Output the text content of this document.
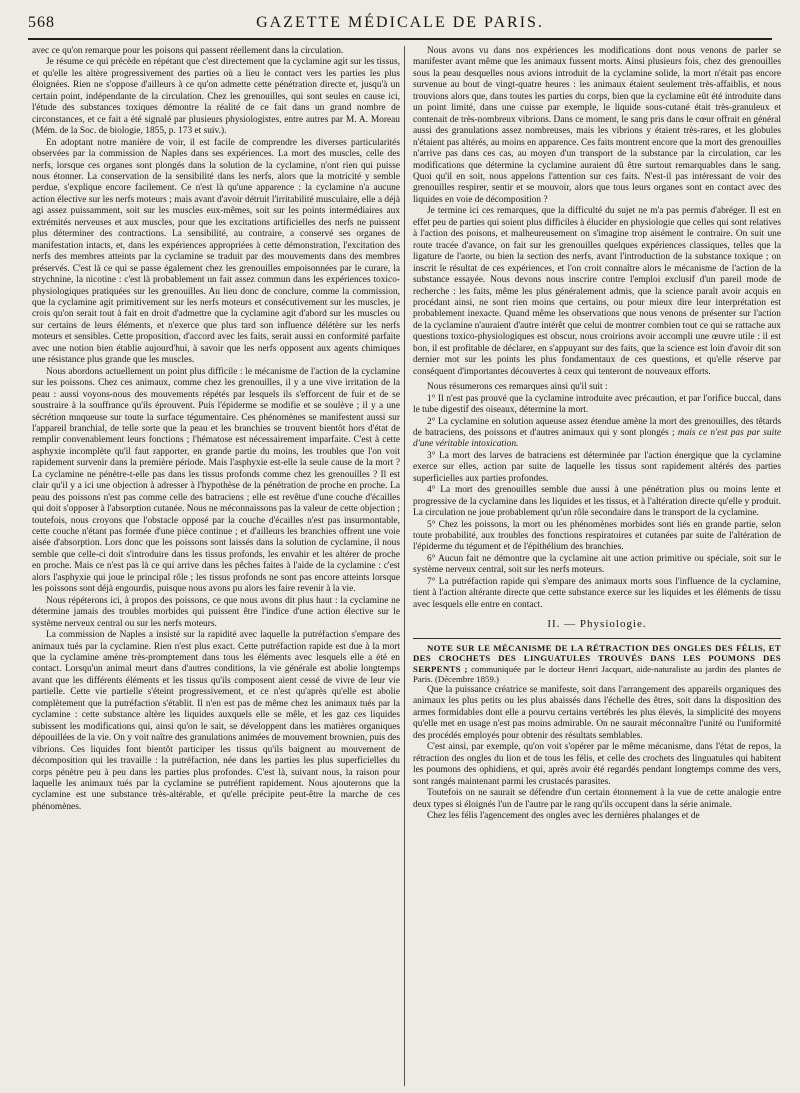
568	GAZETTE MÉDICALE DE PARIS.

avec ce qu'on remarque pour les poisons qui passent réellement dans la circulation.

Je résume ce qui précède en répétant que c'est directement que la cyclamine agit sur les tissus, et qu'elle les altère progressivement des parties où a lieu le contact vers les parties les plus éloignées. Rien ne s'oppose d'ailleurs à ce qu'on admette cette pénétration directe et, jusqu'à un certain point, indépendante de la circulation. Chez les grenouilles, qui sont seules en cause ici, l'étude des substances toxiques démontre la réalité de ce fait dans un grand nombre de circonstances, et ce fait a été signalé par plusieurs physiologistes, entre autres par M. A. Moreau (Mém. de la Soc. de biologie, 1855, p. 173 et suiv.).

En adoptant notre manière de voir, il est facile de comprendre les diverses particularités observées par la commission de Naples dans ses expériences. La mort des muscles, celle des nerfs, lorsque ces organes sont plongés dans la solution de la cyclamine, n'ont rien qui puisse nous étonner. La conservation de la sensibilité dans les nerfs, alors que la motricité y semble perdue, s'explique encore facilement. Ce n'est là qu'une apparence : la cyclamine n'a aucune action élective sur les nerfs moteurs ; mais avant d'avoir détruit l'irritabilité musculaire, elle a déjà agi assez puissamment, soit sur les muscles eux-mêmes, soit sur les points intermédiaires aux extrémités nerveuses et aux muscles, pour que les excitations artificielles des nerfs ne puissent plus déterminer des contractions. La sensibilité, au contraire, a conservé ses organes de manifestation intacts, et, dans les expériences appropriées à cette démonstration, l'excitation des nerfs des membres atteints par la cyclamine se traduit par des mouvements dans des membres préservés. C'est là ce qui se passe également chez les grenouilles empoisonnées par le curare, la strychnine, la nicotine : c'est là probablement un fait assez commun dans les expériences toxico-physiologiques pratiquées sur les grenouilles. Au lieu donc de conclure, comme la commission, que la cyclamine agit primitivement sur les nerfs moteurs et consécutivement sur les muscles, je crois qu'on serait tout à fait en droit d'admettre que la cyclamine agit d'abord sur les muscles ou sur certains de leurs éléments, et n'exerce que plus tard son influence délétère sur les nerfs moteurs et sensibles. Cette proposition, d'accord avec les faits, serait aussi en conformité parfaite avec une notion bien établie aujourd'hui, à savoir que les nerfs opposent aux agents chimiques une résistance plus grande que les muscles.

Nous abordons actuellement un point plus difficile : le mécanisme de l'action de la cyclamine sur les poissons. Chez ces animaux, comme chez les grenouilles, il y a une vive irritation de la peau : aussi voyons-nous des mouvements répétés par lesquels ils s'efforcent de fuir et de se soustraire à la souffrance qu'ils éprouvent. Puis l'épiderme se modifie et se soulève ; il y a une sécrétion muqueuse sur toute la surface tégumentaire. Ces phénomènes se manifestent aussi sur l'appareil branchial, de telle sorte que la peau et les branchies se trouvent bientôt hors d'état de remplir convenablement leurs fonctions ; l'hématose est nécessairement imparfaite. C'est à cette asphyxie incomplète qu'il faut rapporter, en grande partie du moins, les troubles que l'on voit rapidement survenir dans la première période. Mais l'asphyxie est-elle la seule cause de la mort ? La cyclamine ne pénètre-t-elle pas dans les tissus profonds comme chez les grenouilles ? Il est clair qu'il y a ici une objection à adresser à l'hypothèse de la pénétration de proche en proche. La peau des poissons n'est pas comme celle des batraciens ; elle est revêtue d'une couche d'écailles qui doit s'opposer à l'absorption cutanée. Nous ne méconnaissons pas la valeur de cette objection ; toutefois, nous croyons que l'obstacle opposé par la couche d'écailles n'est pas insurmontable, cette couche n'étant pas formée d'une pièce continue ; et d'ailleurs les branchies offrent une voie aisée d'absorption. Lors donc que les poissons sont laissés dans la solution de cyclamine, il nous semble que celle-ci doit s'introduire dans les tissus profonds, les envahir et les altérer de proche en proche. Mais ce n'est pas là ce qui arrive dans les pêches faites à l'aide de la cyclamine : c'est alors l'asphyxie qui joue le principal rôle ; les tissus profonds ne sont pas encore atteints lorsque les poissons sont déjà engourdis, puisque nous avons pu alors les faire revenir à la vie.

Nous répéterons ici, à propos des poissons, ce que nous avons dit plus haut : la cyclamine ne détermine jamais des troubles morbides qui puissent être l'indice d'une action élective sur le système nerveux central ou sur les nerfs moteurs.

La commission de Naples a insisté sur la rapidité avec laquelle la putréfaction s'empare des animaux tués par la cyclamine. Rien n'est plus exact. Cette putréfaction rapide est due à la mort que la cyclamine amène très-promptement dans tous les éléments avec lesquels elle a été en contact. Lorsqu'un animal meurt dans d'autres conditions, la vie générale est abolie longtemps avant que les différents éléments et les tissus qu'ils composent aient cessé de vivre de leur vie partielle. Cette vie partielle s'éteint progressivement, et ce n'est qu'après qu'elle est abolie complètement que la putréfaction s'établit. Il n'en est pas de même chez les animaux tués par la cyclamine : cette substance altère les liquides auxquels elle se mêle, et les gaz ces liquides subissent les modifications qui, ainsi qu'on le sait, se développent dans les matières organiques dépouillées de la vie. On y voit naître des granulations animées de mouvement brownien, puis des vibrions. Ces liquides font bientôt participer les tissus qu'ils baignent au mouvement de décomposition qui les travaille : la putréfaction, née dans les parties les plus superficielles du corps pénètre peu à peu dans les parties plus profondes. C'est là, suivant nous, la raison pour laquelle les animaux tués par la cyclamine se putréfient rapidement. Nous ajouterons que la cyclamine est une substance très-altérable, et qu'elle précipite peut-être la marche de ces phénomènes.

Nous avons vu dans nos expériences les modifications dont nous venons de parler se manifester avant même que les animaux fussent morts. Ainsi plusieurs fois, chez des grenouilles sous la peau desquelles nous avions introduit de la cyclamine solide, la mort n'était pas encore survenue au bout de vingt-quatre heures : les animaux étaient seulement très-affaiblis, et nous trouvions alors que, dans toutes les parties du corps, bien que la cyclamine eût été introduite dans un point limité, dans une cuisse par exemple, le liquide sous-cutané était très-granuleux et contenait de très-nombreux vibrions. Dans ce moment, le sang pris dans le cœur offrait en général aussi des granulations assez nombreuses, mais les vibrions y étaient très-rares, et les globules n'étaient pas altérés, au moins en apparence. Ces faits montrent encore que la mort des grenouilles n'arrive pas dans ces cas, au moyen d'un transport de la substance par la circulation, car les modifications que détermine la cyclamine auraient dû être surtout remarquables dans le sang. Quoi qu'il en soit, nous appelons l'attention sur ces faits. N'est-il pas intéressant de voir des grenouilles respirer, sentir et se mouvoir, alors que tous leurs organes sont en contact avec des liquides en voie de décomposition ?

Je termine ici ces remarques, que la difficulté du sujet ne m'a pas permis d'abréger. Il est en effet peu de parties qui soient plus difficiles à élucider en physiologie que celles qui sont relatives à l'action des poisons, et malheureusement on s'imagine trop aisément le contraire. On suit une route tracée d'avance, on fait sur les grenouilles quelques expériences classiques, telles que la ligature de l'aorte, ou bien la section des nerfs, avant l'introduction de la substance toxique ; on inscrit le résultat de ces expériences, et l'on croit connaître alors le mécanisme de l'action de la substance essayée. Nous devons nous inscrire contre l'emploi exclusif d'un pareil mode de recherche : les faits, même les plus généralement admis, que la science paraît avoir acquis en procédant ainsi, ne sont rien moins que certains, ou pour mieux dire leur interprétation est probablement inexacte. Quand même les observations que nous venons de présenter sur l'action de la cyclamine n'auraient d'autre intérêt que celui de montrer combien tout ce qui se rattache aux questions toxico-physiologiques est obscur, nous croirions avoir accompli une œuvre utile : il est bon, il est profitable de déclarer, en s'appuyant sur des faits, que la science est loin d'avoir dit son dernier mot sur les points les plus fondamentaux de ces questions, et qu'elle réserve par conséquent d'importantes découvertes à ceux qui tenteront de nouveaux efforts.

Nous résumerons ces remarques ainsi qu'il suit :

1° Il n'est pas prouvé que la cyclamine introduite avec précaution, et par l'orifice buccal, dans le tube digestif des oiseaux, détermine la mort.

2° La cyclamine en solution aqueuse assez étendue amène la mort des grenouilles, des têtards de batraciens, des poissons et d'autres animaux qui y sont plongés ; mais ce n'est pas par suite d'une véritable intoxication.

3° La mort des larves de batraciens est déterminée par l'action énergique que la cyclamine exerce sur elles, action par suite de laquelle les tissus sont rapidement altérés des parties superficielles aux parties profondes.

4° La mort des grenouilles semble due aussi à une pénétration plus ou moins lente et progressive de la cyclamine dans les liquides et les tissus, et à l'altération directe qu'elle y produit. La circulation ne joue probablement qu'un rôle secondaire dans le transport de la cyclamine.

5° Chez les poissons, la mort ou les phénomènes morbides sont liés en grande partie, selon toute probabilité, aux troubles des fonctions respiratoires et cutanées par suite de l'altération de l'épiderme du tégument et de l'épithélium des branchies.

6° Aucun fait ne démontre que la cyclamine ait une action primitive ou spéciale, soit sur le système nerveux central, soit sur les nerfs moteurs.

7° La putréfaction rapide qui s'empare des animaux morts sous l'influence de la cyclamine, tient à l'action altérante directe que cette substance exerce sur les liquides et les éléments de tissu avec lesquels elle entre en contact.

II. — Physiologie.

NOTE SUR LE MÉCANISME DE LA RÉTRACTION DES ONGLES DES FÉLIS, ET DES CROCHETS DES LINGUATULES TROUVÉS DANS LES POUMONS DES SERPENTS ; communiquée par le docteur Henri Jacquart, aide-naturaliste au jardin des plantes de Paris. (Décembre 1859.)

Que la puissance créatrice se manifeste, soit dans l'arrangement des appareils organiques des animaux les plus petits ou les plus abaissés dans l'échelle des êtres, soit dans la disposition des armes formidables dont elle a pourvu certains vertébrés les plus élevés, la simplicité des moyens qu'elle met en usage n'est pas moins admirable. On ne saurait méconnaître l'unité ou l'uniformité des procédés employés pour obtenir des résultats semblables.

C'est ainsi, par exemple, qu'on voit s'opérer par le même mécanisme, dans l'état de repos, la rétraction des ongles du lion et de tous les félis, et celle des crochets des linguatules qui habitent les poumons des ophidiens, et qui, après avoir été regardés pendant longtemps comme des vers, sont rangés maintenant parmi les crustacés parasites.

Toutefois on ne saurait se défendre d'un certain étonnement à la vue de cette analogie entre deux types si éloignés l'un de l'autre par le rang qu'ils occupent dans la série animale.

Chez les félis l'agencement des ongles avec les dernières phalanges et de
